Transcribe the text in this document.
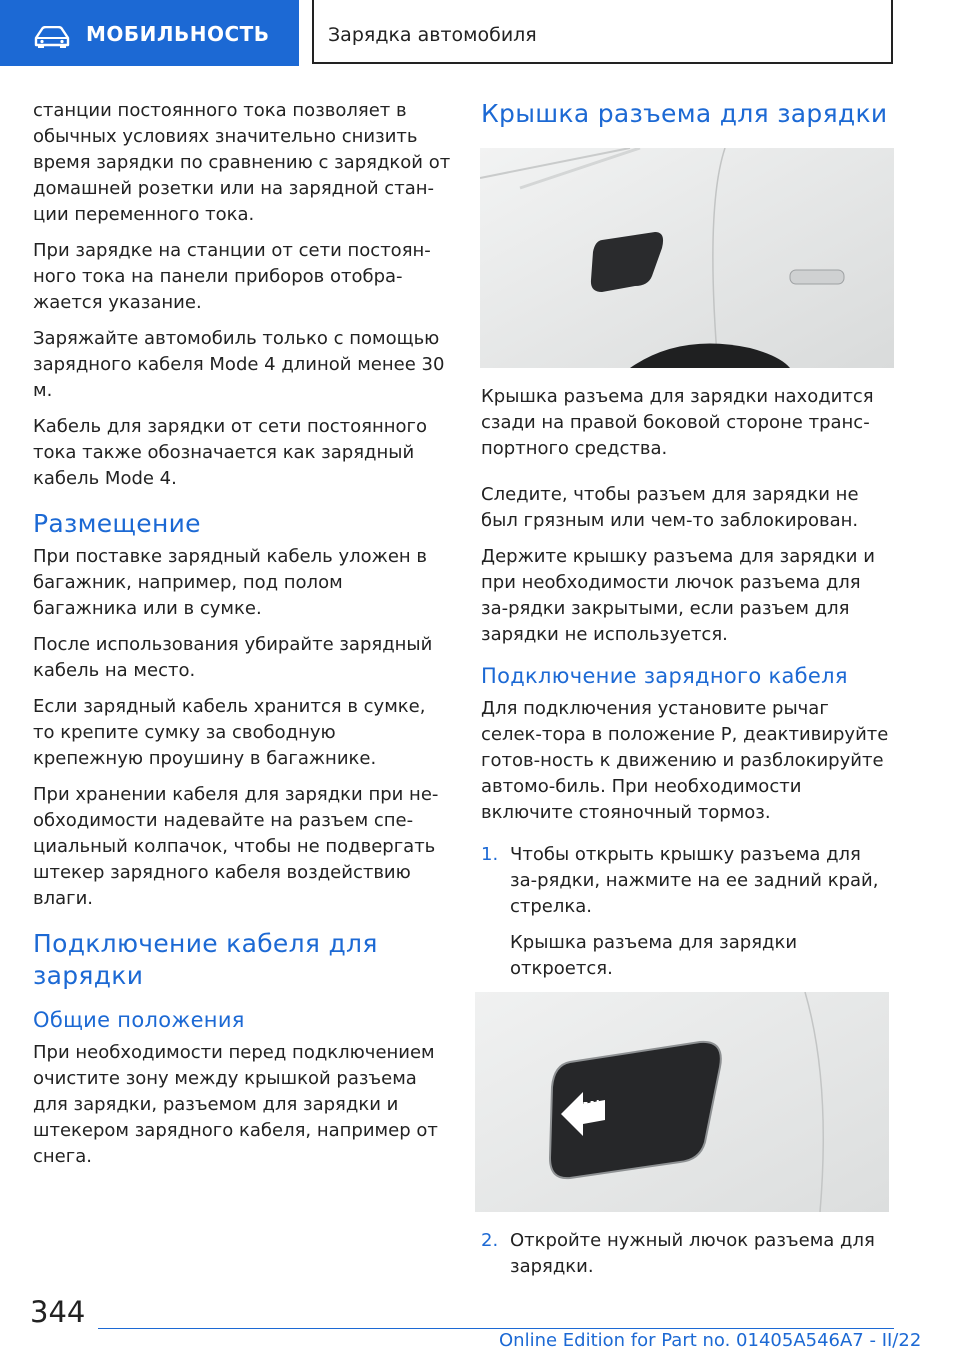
МОБИЛЬНОСТЬ	Зарядка автомобиля

станции постоянного тока позволяет в обычных условиях значительно снизить время зарядки по сравнению с зарядкой от домашней розетки или на зарядной стан-ции переменного тока.

При зарядке на станции от сети постоян-ного тока на панели приборов отобра-жается указание.

Заряжайте автомобиль только с помощью зарядного кабеля Mode 4 длиной менее 30 м.

Кабель для зарядки от сети постоянного тока также обозначается как зарядный кабель Mode 4.

Размещение

При поставке зарядный кабель уложен в багажник, например, под полом багажника или в сумке.

После использования убирайте зарядный кабель на место.

Если зарядный кабель хранится в сумке, то крепите сумку за свободную крепежную проушину в багажнике.

При хранении кабеля для зарядки при не-обходимости надевайте на разъем спе-циальный колпачок, чтобы не подвергать штекер зарядного кабеля воздействию влаги.

Подключение кабеля для зарядки
Общие положения

При необходимости перед подключением очистите зону между крышкой разъема для зарядки, разъемом для зарядки и штекером зарядного кабеля, например от снега.

Крышка разъема для зарядки

Крышка разъема для зарядки находится сзади на правой боковой стороне транс-портного средства.

Следите, чтобы разъем для зарядки не был грязным или чем-то заблокирован.

Держите крышку разъема для зарядки и при необходимости лючок разъема для за-рядки закрытыми, если разъем для зарядки не используется.

Подключение зарядного кабеля

Для подключения установите рычаг селек-тора в положение P, деактивируйте готов-ность к движению и разблокируйте автомо-биль. При необходимости включите стояночный тормоз.

1. Чтобы открыть крышку разъема для за-рядки, нажмите на ее задний край, стрелка.

Крышка разъема для зарядки откроется.

2. Откройте нужный лючок разъема для зарядки.

344
Online Edition for Part no. 01405A546A7 - II/22
